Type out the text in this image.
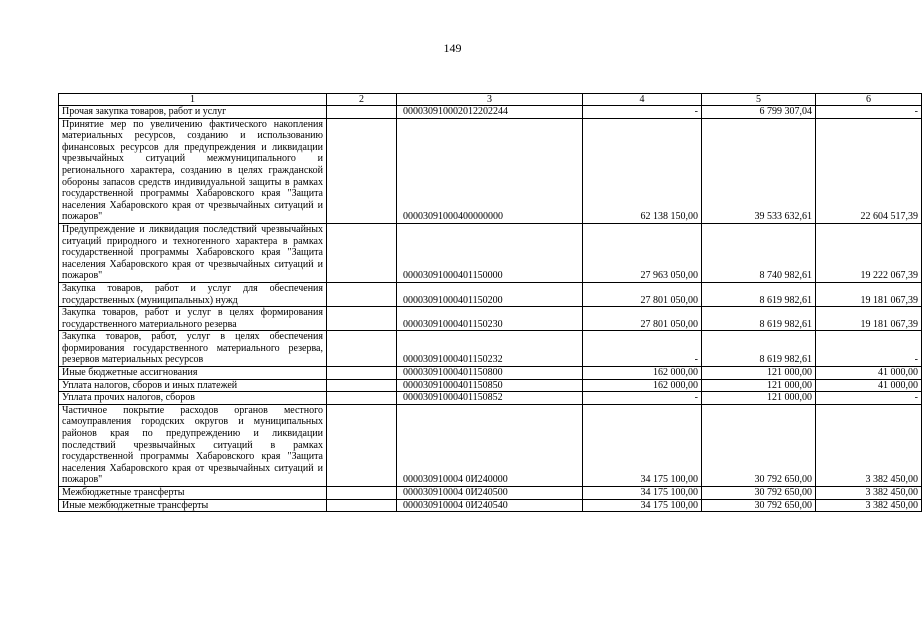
149
1	2	3	4	5	6
Прочая закупка товаров, работ и услуг		000030910002012202244	-	6 799 307,04	-
Принятие мер по увеличению фактического накопления материальных ресурсов, созданию и использованию финансовых ресурсов для предупреждения и ликвидации чрезвычайных ситуаций межмуниципального и регионального характера, созданию в целях гражданской обороны запасов средств индивидуальной защиты в рамках государственной программы Хабаровского края "Защита населения Хабаровского края от чрезвычайных ситуаций и пожаров"		00003091000400000000	62 138 150,00	39 533 632,61	22 604 517,39
Предупреждение и ликвидация последствий чрезвычайных ситуаций природного и техногенного характера в рамках государственной программы Хабаровского края "Защита населения Хабаровского края от чрезвычайных ситуаций и пожаров"		00003091000401150000	27 963 050,00	8 740 982,61	19 222 067,39
Закупка товаров, работ и услуг для обеспечения государственных (муниципальных) нужд		00003091000401150200	27 801 050,00	8 619 982,61	19 181 067,39
Закупка товаров, работ и услуг в целях формирования государственного материального резерва		00003091000401150230	27 801 050,00	8 619 982,61	19 181 067,39
Закупка товаров, работ, услуг в целях обеспечения формирования государственного материального резерва, резервов материальных ресурсов		00003091000401150232	-	8 619 982,61	-
Иные бюджетные ассигнования		00003091000401150800	162 000,00	121 000,00	41 000,00
Уплата налогов, сборов и иных платежей		00003091000401150850	162 000,00	121 000,00	41 000,00
Уплата прочих налогов, сборов		00003091000401150852	-	121 000,00	-
Частичное покрытие расходов органов местного самоуправления городских округов и муниципальных районов края по предупреждению и ликвидации последствий чрезвычайных ситуаций в рамках государственной программы Хабаровского края "Защита населения Хабаровского края от чрезвычайных ситуаций и пожаров"		000030910004 0И240000	34 175 100,00	30 792 650,00	3 382 450,00
Межбюджетные трансферты		000030910004 0И240500	34 175 100,00	30 792 650,00	3 382 450,00
Иные межбюджетные трансферты		000030910004 0И240540	34 175 100,00	30 792 650,00	3 382 450,00
